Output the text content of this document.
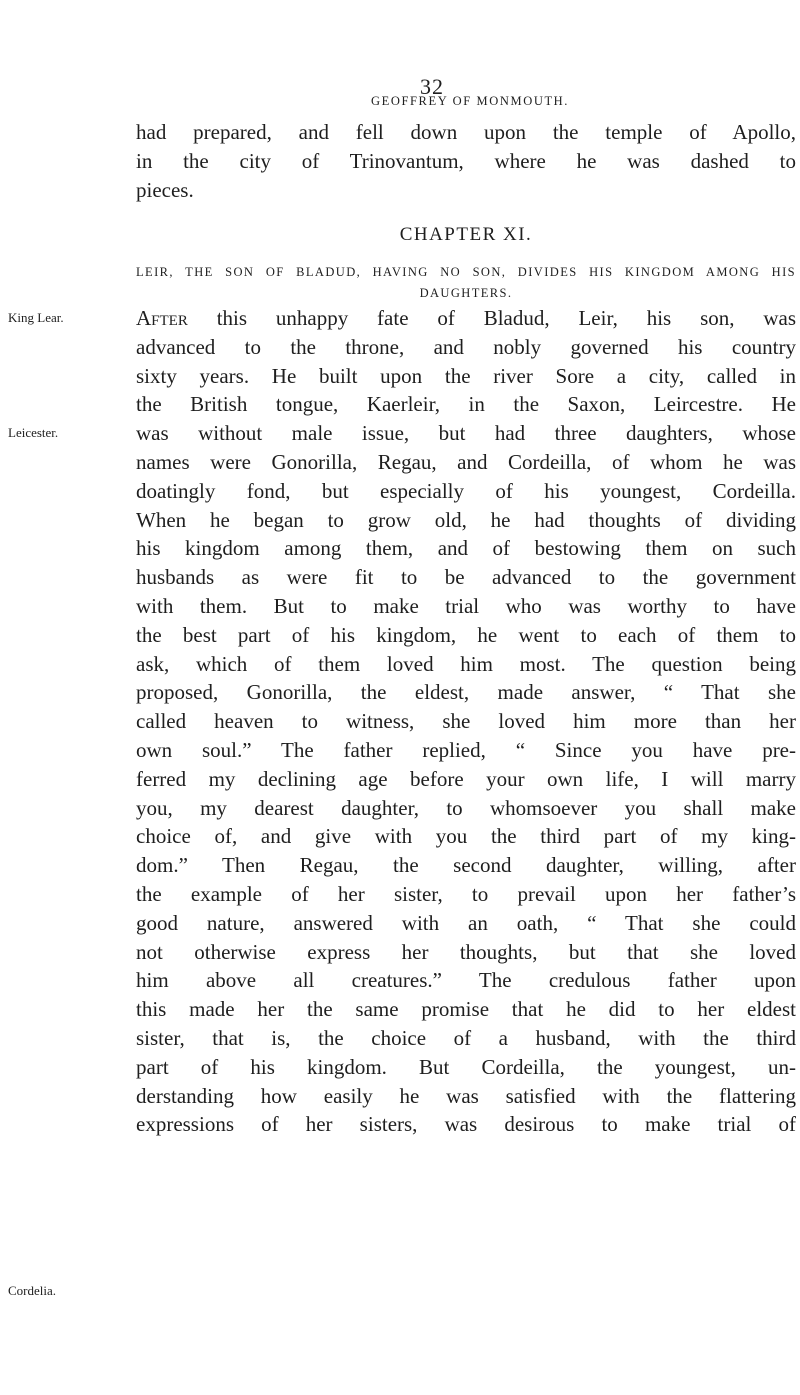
32
GEOFFREY OF MONMOUTH.
had prepared, and fell down upon the temple of Apollo,
in the city of Trinovantum, where he was dashed to
pieces.
CHAPTER XI.
LEIR, THE SON OF BLADUD, HAVING NO SON, DIVIDES HIS KINGDOM AMONG HIS DAUGHTERS.
King Lear.
Leicester.
Cordelia.
After this unhappy fate of Bladud, Leir, his son, was
advanced to the throne, and nobly governed his country
sixty years. He built upon the river Sore a city, called in
the British tongue, Kaerleir, in the Saxon, Leircestre. He
was without male issue, but had three daughters, whose
names were Gonorilla, Regau, and Cordeilla, of whom he was
doatingly fond, but especially of his youngest, Cordeilla.
When he began to grow old, he had thoughts of dividing
his kingdom among them, and of bestowing them on such
husbands as were fit to be advanced to the government
with them. But to make trial who was worthy to have
the best part of his kingdom, he went to each of them to
ask, which of them loved him most. The question being
proposed, Gonorilla, the eldest, made answer, “ That she
called heaven to witness, she loved him more than her
own soul.” The father replied, “ Since you have pre-
ferred my declining age before your own life, I will marry
you, my dearest daughter, to whomsoever you shall make
choice of, and give with you the third part of my king-
dom.” Then Regau, the second daughter, willing, after
the example of her sister, to prevail upon her father’s
good nature, answered with an oath, “ That she could
not otherwise express her thoughts, but that she loved
him above all creatures.” The credulous father upon
this made her the same promise that he did to her eldest
sister, that is, the choice of a husband, with the third
part of his kingdom. But Cordeilla, the youngest, un-
derstanding how easily he was satisfied with the flattering
expressions of her sisters, was desirous to make trial of
